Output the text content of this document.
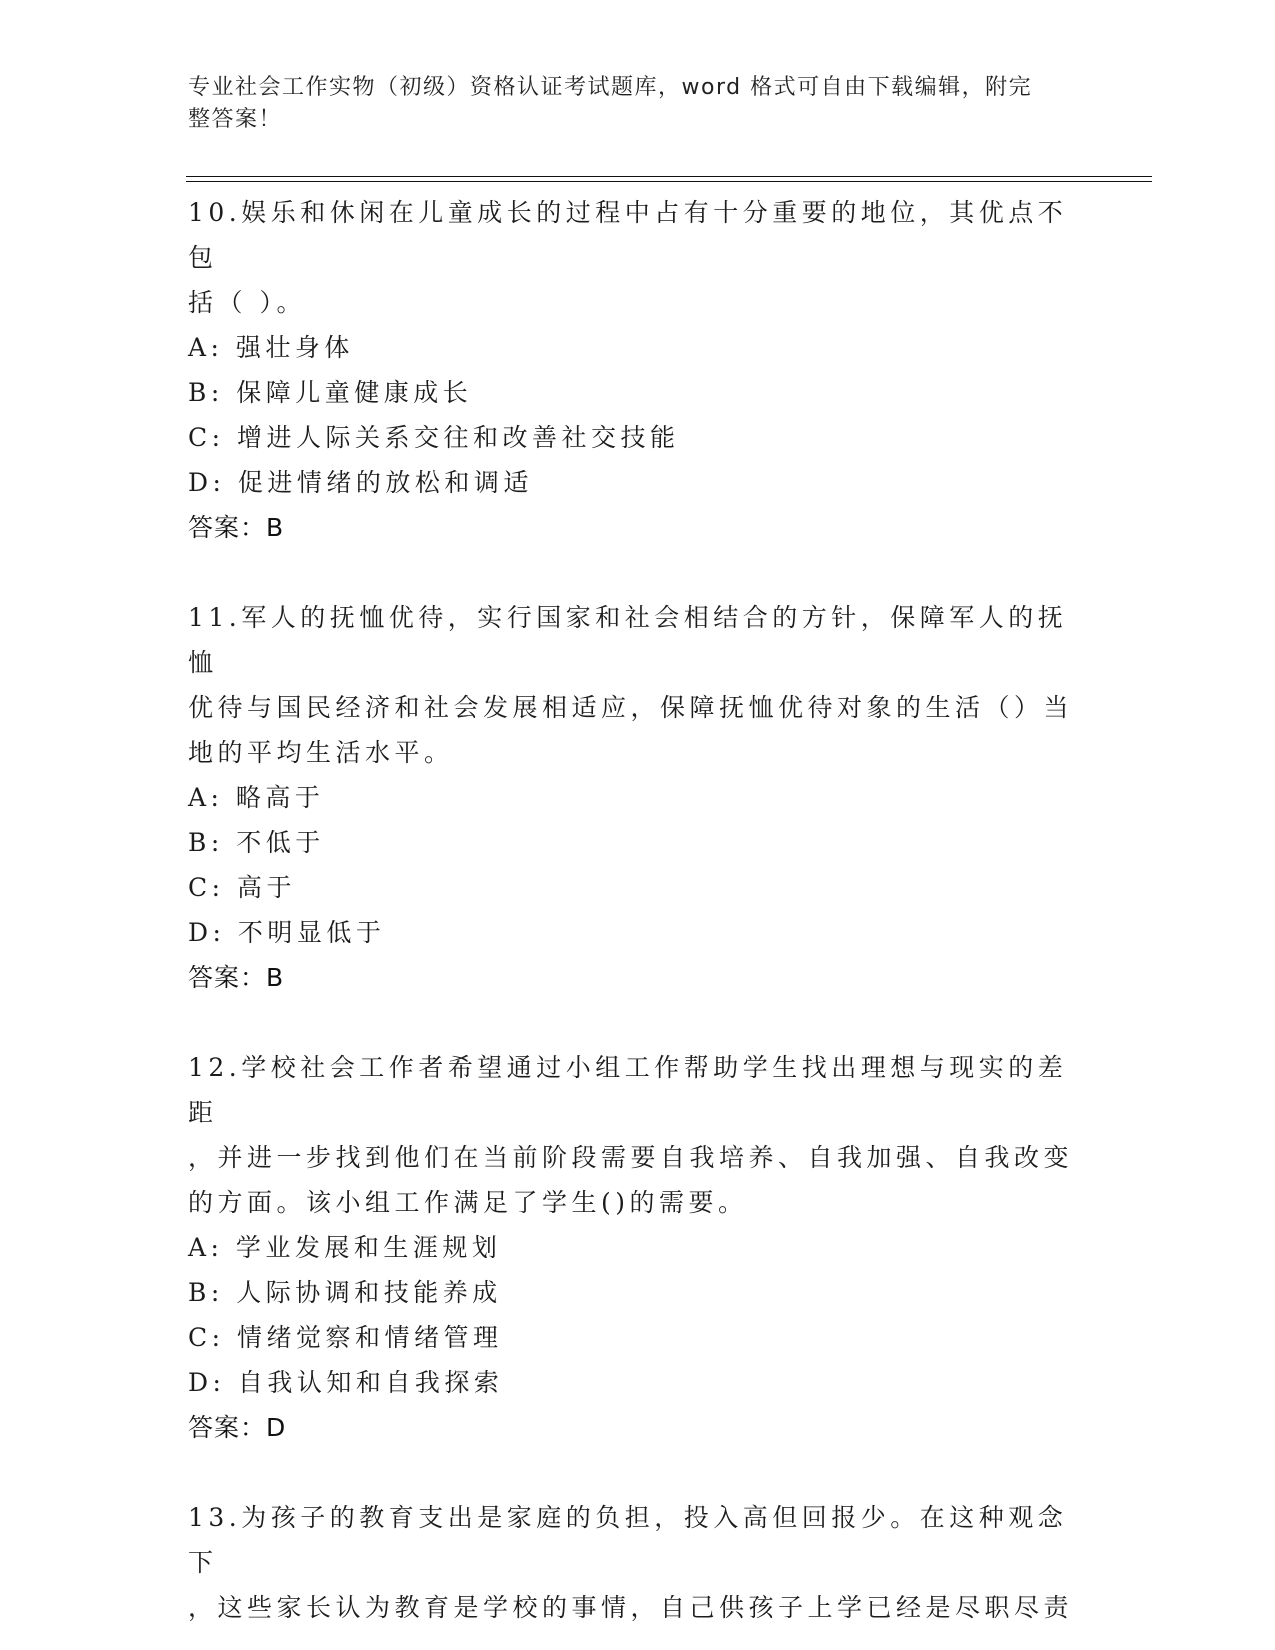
专业社会工作实物（初级）资格认证考试题库，word 格式可自由下载编辑，附完
整答案！

10.娱乐和休闲在儿童成长的过程中占有十分重要的地位，其优点不包

括（ ）。

A: 强壮身体

B: 保障儿童健康成长

C: 增进人际关系交往和改善社交技能

D: 促进情绪的放松和调适

答案：B

11.军人的抚恤优待，实行国家和社会相结合的方针，保障军人的抚恤

优待与国民经济和社会发展相适应，保障抚恤优待对象的生活（）当

地的平均生活水平。

A: 略高于

B: 不低于

C: 高于

D: 不明显低于

答案：B

12.学校社会工作者希望通过小组工作帮助学生找出理想与现实的差距

，并进一步找到他们在当前阶段需要自我培养、自我加强、自我改变

的方面。该小组工作满足了学生()的需要。

A: 学业发展和生涯规划

B: 人际协调和技能养成

C: 情绪觉察和情绪管理

D: 自我认知和自我探索

答案：D

13.为孩子的教育支出是家庭的负担，投入高但回报少。在这种观念下

，这些家长认为教育是学校的事情，自己供孩子上学已经是尽职尽责
